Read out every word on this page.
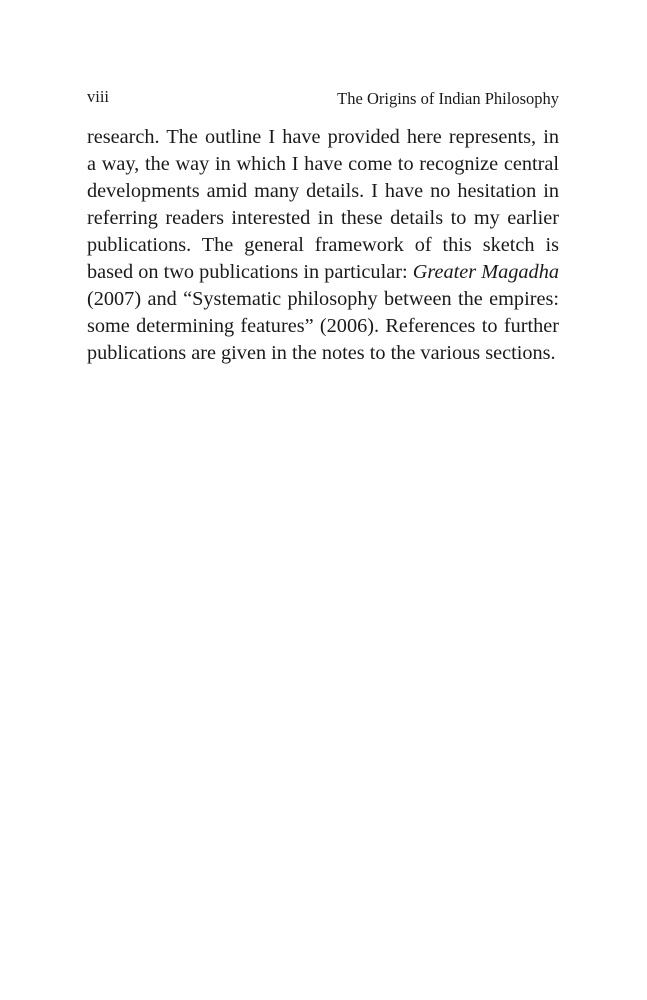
viii	The Origins of Indian Philosophy
research. The outline I have provided here represents, in
a way, the way in which I have come to recognize central
developments amid many details. I have no hesitation in
referring readers interested in these details to my earlier
publications. The general framework of this sketch is
based on two publications in particular: Greater Magadha
(2007) and “Systematic philosophy between the empires:
some determining features” (2006). References to further
publications are given in the notes to the various sections.
